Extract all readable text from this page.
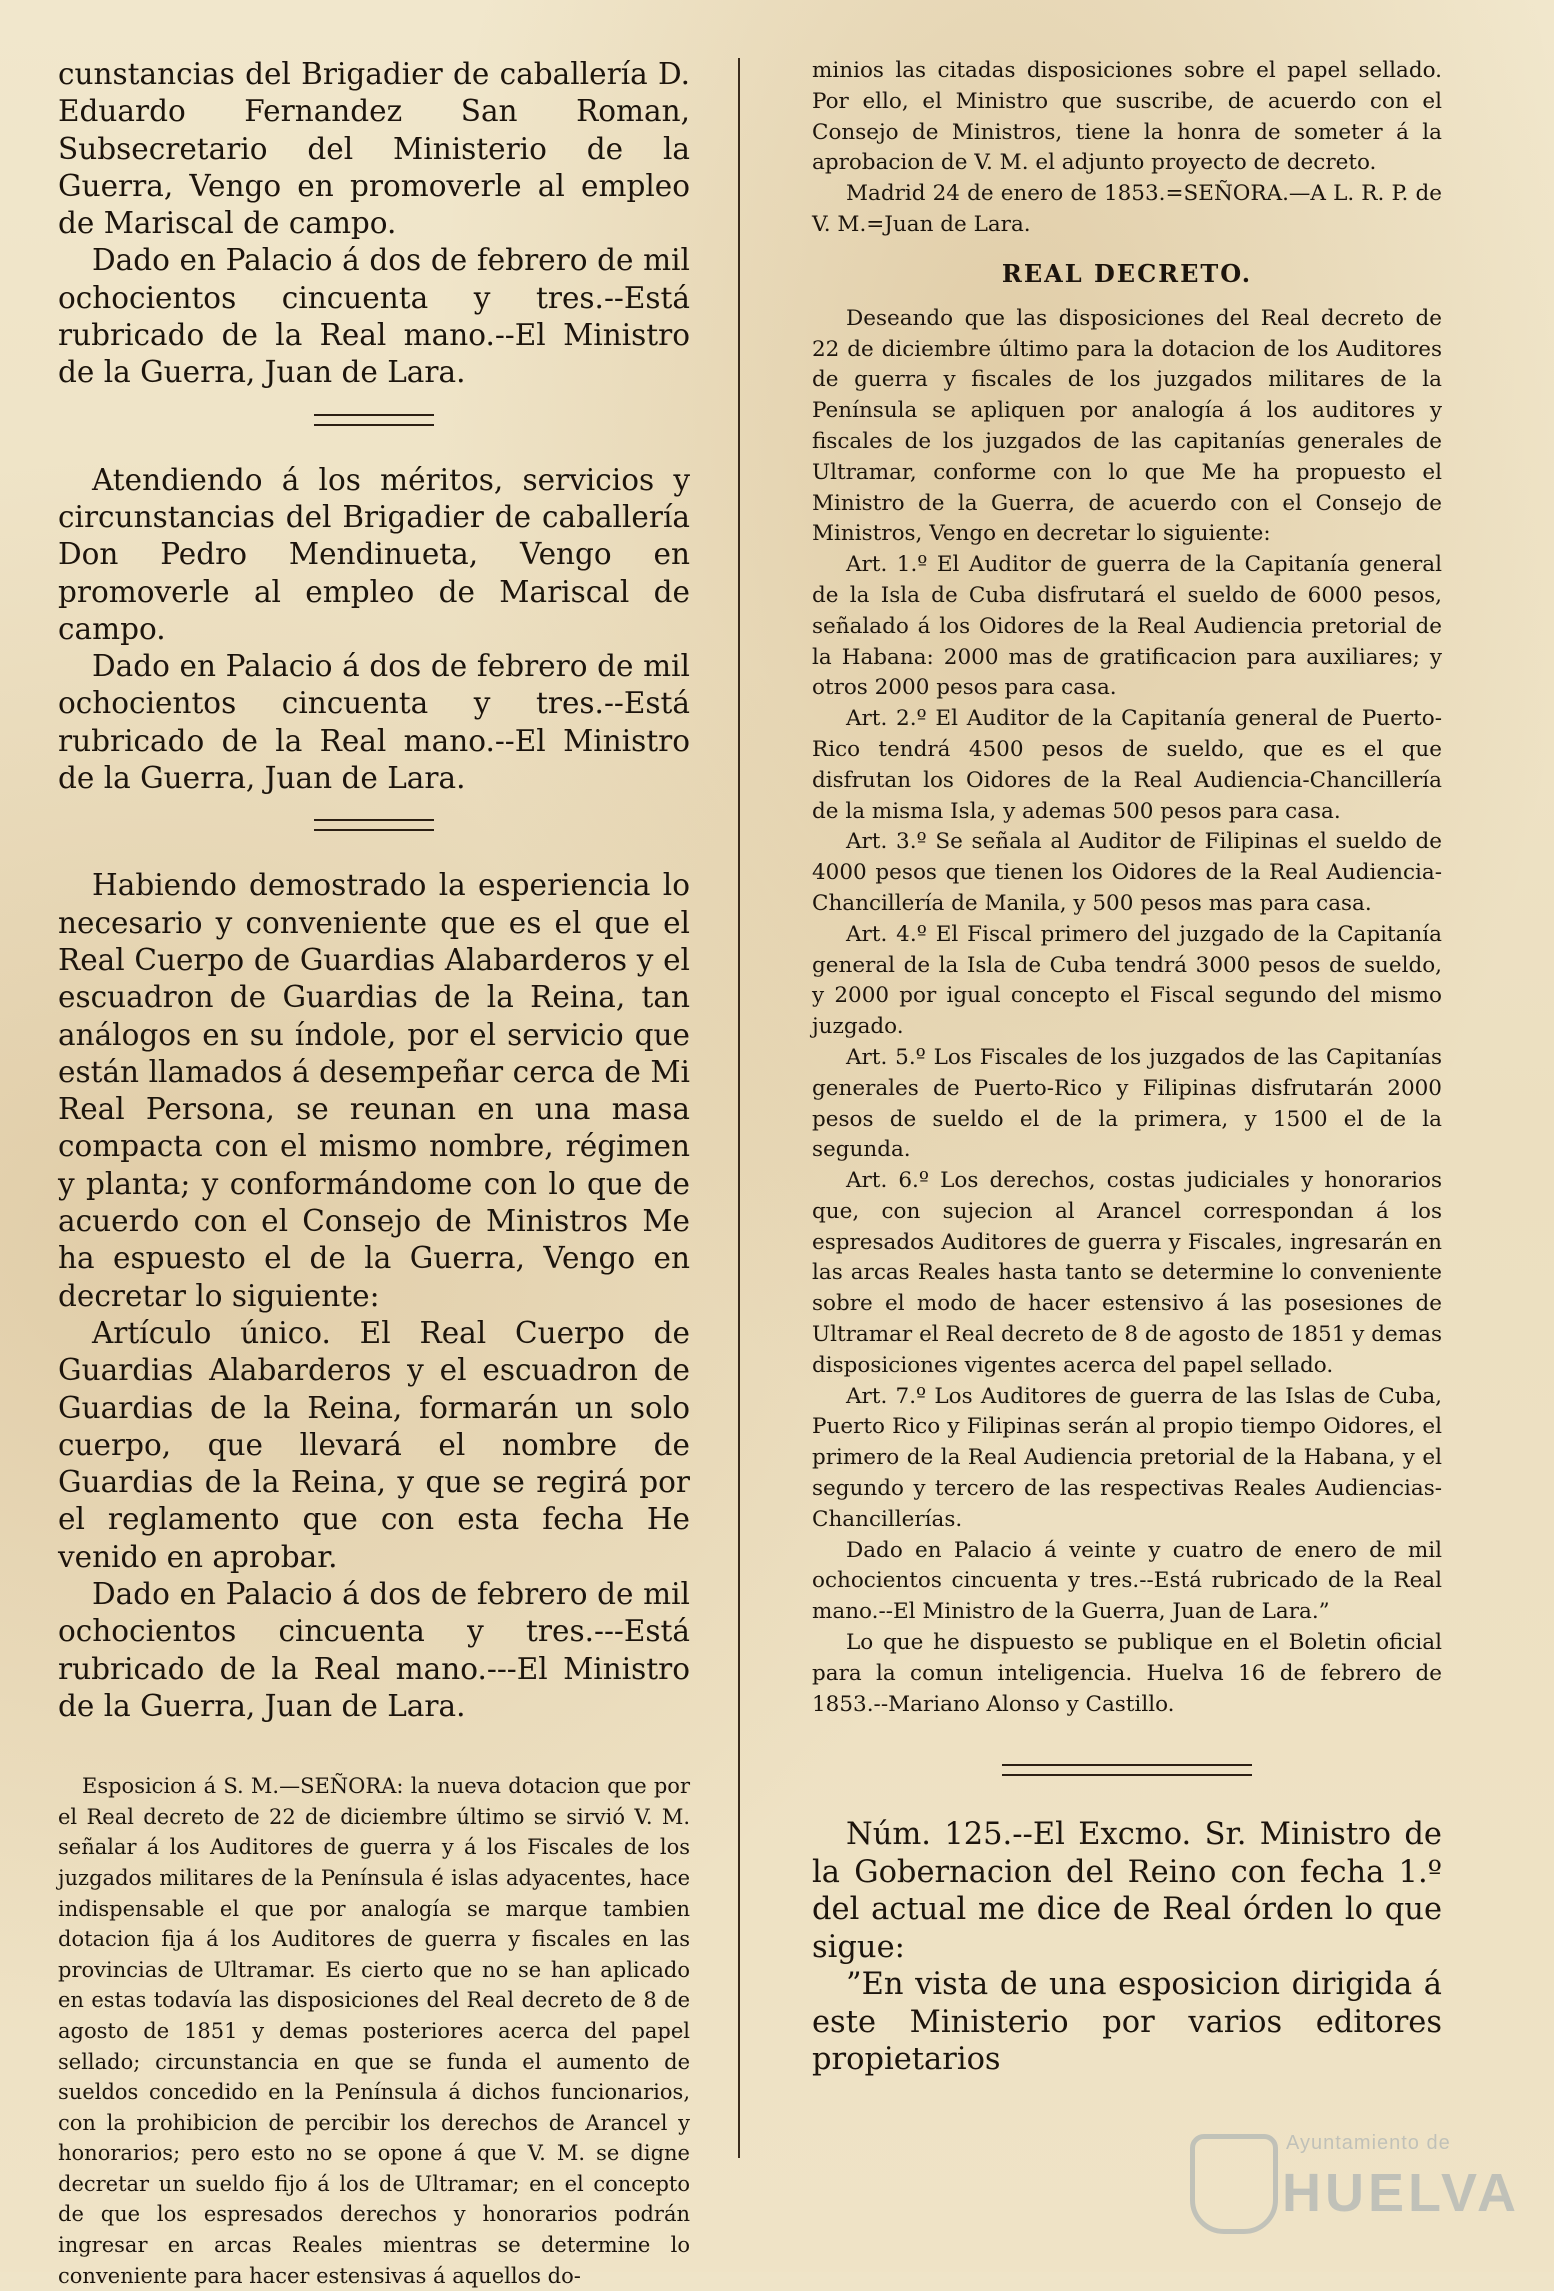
cunstancias del Brigadier de caballería D. Eduardo Fernandez San Roman, Subsecretario del Ministerio de la Guerra, Vengo en promoverle al empleo de Mariscal de campo.

Dado en Palacio á dos de febrero de mil ochocientos cincuenta y tres.--Está rubricado de la Real mano.--El Ministro de la Guerra, Juan de Lara.

Atendiendo á los méritos, servicios y circunstancias del Brigadier de caballería Don Pedro Mendinueta, Vengo en promoverle al empleo de Mariscal de campo.

Dado en Palacio á dos de febrero de mil ochocientos cincuenta y tres.--Está rubricado de la Real mano.--El Ministro de la Guerra, Juan de Lara.

Habiendo demostrado la esperiencia lo necesario y conveniente que es el que el Real Cuerpo de Guardias Alabarderos y el escuadron de Guardias de la Reina, tan análogos en su índole, por el servicio que están llamados á desempeñar cerca de Mi Real Persona, se reunan en una masa compacta con el mismo nombre, régimen y planta; y conformándome con lo que de acuerdo con el Consejo de Ministros Me ha espuesto el de la Guerra, Vengo en decretar lo siguiente:

Artículo único. El Real Cuerpo de Guardias Alabarderos y el escuadron de Guardias de la Reina, formarán un solo cuerpo, que llevará el nombre de Guardias de la Reina, y que se regirá por el reglamento que con esta fecha He venido en aprobar.

Dado en Palacio á dos de febrero de mil ochocientos cincuenta y tres.---Está rubricado de la Real mano.---El Ministro de la Guerra, Juan de Lara.

Esposicion á S. M.—SEÑORA: la nueva dotacion que por el Real decreto de 22 de diciembre último se sirvió V. M. señalar á los Auditores de guerra y á los Fiscales de los juzgados militares de la Península é islas adyacentes, hace indispensable el que por analogía se marque tambien dotacion fija á los Auditores de guerra y fiscales en las provincias de Ultramar. Es cierto que no se han aplicado en estas todavía las disposiciones del Real decreto de 8 de agosto de 1851 y demas posteriores acerca del papel sellado; circunstancia en que se funda el aumento de sueldos concedido en la Península á dichos funcionarios, con la prohibicion de percibir los derechos de Arancel y honorarios; pero esto no se opone á que V. M. se digne decretar un sueldo fijo á los de Ultramar; en el concepto de que los espresados derechos y honorarios podrán ingresar en arcas Reales mientras se determine lo conveniente para hacer estensivas á aquellos do-

minios las citadas disposiciones sobre el papel sellado. Por ello, el Ministro que suscribe, de acuerdo con el Consejo de Ministros, tiene la honra de someter á la aprobacion de V. M. el adjunto proyecto de decreto.

Madrid 24 de enero de 1853.=SEÑORA.—A L. R. P. de V. M.=Juan de Lara.

REAL DECRETO.

Deseando que las disposiciones del Real decreto de 22 de diciembre último para la dotacion de los Auditores de guerra y fiscales de los juzgados militares de la Península se apliquen por analogía á los auditores y fiscales de los juzgados de las capitanías generales de Ultramar, conforme con lo que Me ha propuesto el Ministro de la Guerra, de acuerdo con el Consejo de Ministros, Vengo en decretar lo siguiente:

Art. 1.º El Auditor de guerra de la Capitanía general de la Isla de Cuba disfrutará el sueldo de 6000 pesos, señalado á los Oidores de la Real Audiencia pretorial de la Habana: 2000 mas de gratificacion para auxiliares; y otros 2000 pesos para casa.

Art. 2.º El Auditor de la Capitanía general de Puerto-Rico tendrá 4500 pesos de sueldo, que es el que disfrutan los Oidores de la Real Audiencia-Chancillería de la misma Isla, y ademas 500 pesos para casa.

Art. 3.º Se señala al Auditor de Filipinas el sueldo de 4000 pesos que tienen los Oidores de la Real Audiencia-Chancillería de Manila, y 500 pesos mas para casa.

Art. 4.º El Fiscal primero del juzgado de la Capitanía general de la Isla de Cuba tendrá 3000 pesos de sueldo, y 2000 por igual concepto el Fiscal segundo del mismo juzgado.

Art. 5.º Los Fiscales de los juzgados de las Capitanías generales de Puerto-Rico y Filipinas disfrutarán 2000 pesos de sueldo el de la primera, y 1500 el de la segunda.

Art. 6.º Los derechos, costas judiciales y honorarios que, con sujecion al Arancel correspondan á los espresados Auditores de guerra y Fiscales, ingresarán en las arcas Reales hasta tanto se determine lo conveniente sobre el modo de hacer estensivo á las posesiones de Ultramar el Real decreto de 8 de agosto de 1851 y demas disposiciones vigentes acerca del papel sellado.

Art. 7.º Los Auditores de guerra de las Islas de Cuba, Puerto Rico y Filipinas serán al propio tiempo Oidores, el primero de la Real Audiencia pretorial de la Habana, y el segundo y tercero de las respectivas Reales Audiencias-Chancillerías.

Dado en Palacio á veinte y cuatro de enero de mil ochocientos cincuenta y tres.--Está rubricado de la Real mano.--El Ministro de la Guerra, Juan de Lara.”

Lo que he dispuesto se publique en el Boletin oficial para la comun inteligencia. Huelva 16 de febrero de 1853.--Mariano Alonso y Castillo.

Núm. 125.--El Excmo. Sr. Ministro de la Gobernacion del Reino con fecha 1.º del actual me dice de Real órden lo que sigue:

”En vista de una esposicion dirigida á este Ministerio por varios editores propietarios

Ayuntamiento de
HUELVA
